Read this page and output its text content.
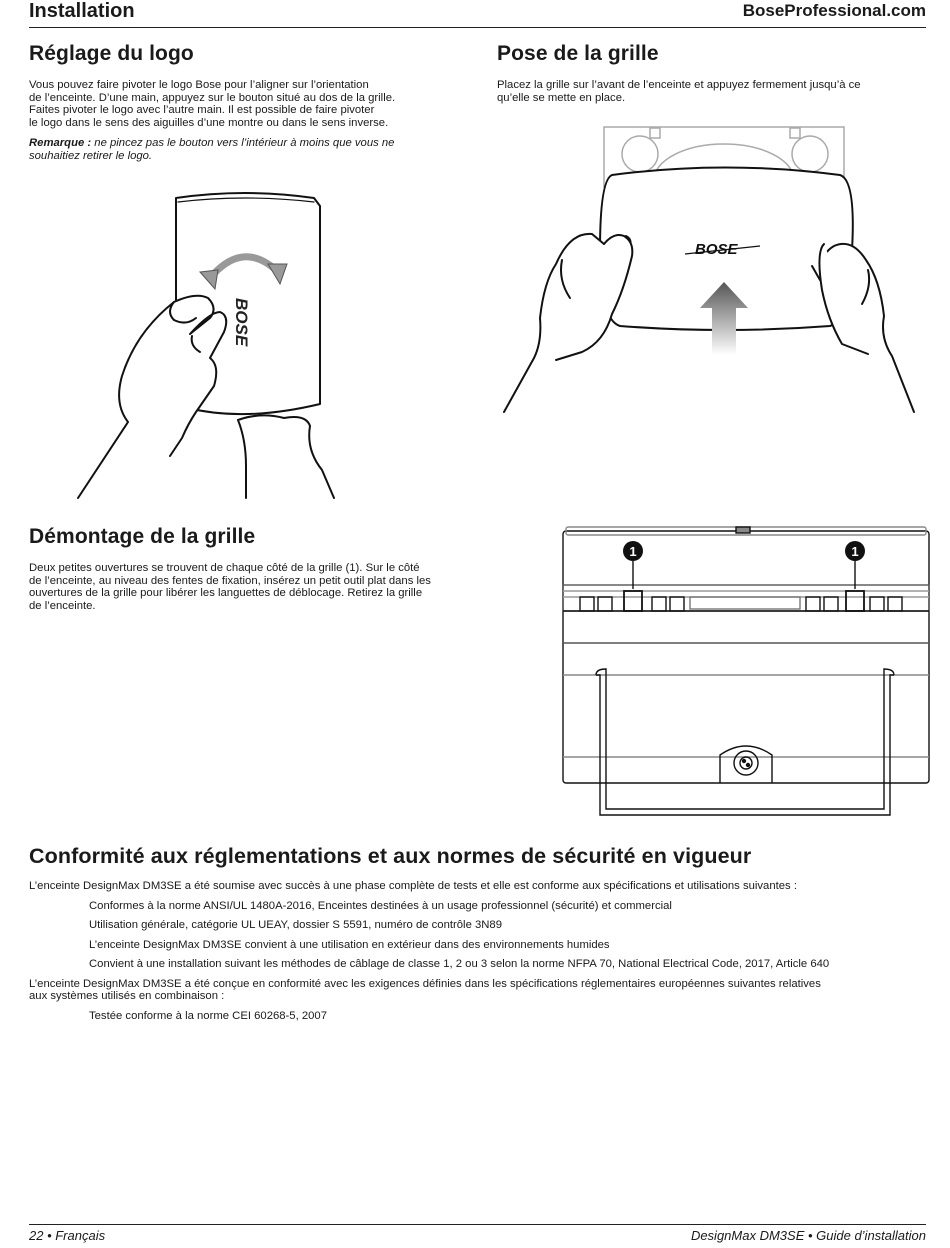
Installation	BoseProfessional.com
Réglage du logo

Vous pouvez faire pivoter le logo Bose pour l’aligner sur l’orientation

de l’enceinte. D’une main, appuyez sur le bouton situé au dos de la grille.

Faites pivoter le logo avec l’autre main. Il est possible de faire pivoter

le logo dans le sens des aiguilles d’une montre ou dans le sens inverse.

Remarque : ne pincez pas le bouton vers l’intérieur à moins que vous ne

souhaitiez retirer le logo.

BOSE
Pose de la grille

Placez la grille sur l’avant de l’enceinte et appuyez fermement jusqu’à ce

qu’elle se mette en place.

BOSE
Démontage de la grille

Deux petites ouvertures se trouvent de chaque côté de la grille (1). Sur le côté

de l’enceinte, au niveau des fentes de fixation, insérez un petit outil plat dans les

ouvertures de la grille pour libérer les languettes de déblocage. Retirez la grille

de l’enceinte.

1	1
Conformité aux réglementations et aux normes de sécurité en vigueur

L’enceinte DesignMax DM3SE a été soumise avec succès à une phase complète de tests et elle est conforme aux spécifications et utilisations suivantes :

Conformes à la norme ANSI/UL 1480A-2016, Enceintes destinées à un usage professionnel (sécurité) et commercial

Utilisation générale, catégorie UL UEAY, dossier S 5591, numéro de contrôle 3N89

L’enceinte DesignMax DM3SE convient à une utilisation en extérieur dans des environnements humides

Convient à une installation suivant les méthodes de câblage de classe 1, 2 ou 3 selon la norme NFPA 70, National Electrical Code, 2017, Article 640

L’enceinte DesignMax DM3SE a été conçue en conformité avec les exigences définies dans les spécifications réglementaires européennes suivantes relatives

aux systèmes utilisés en combinaison :

Testée conforme à la norme CEI 60268-5, 2007

22 • Français	DesignMax DM3SE • Guide d’installation
